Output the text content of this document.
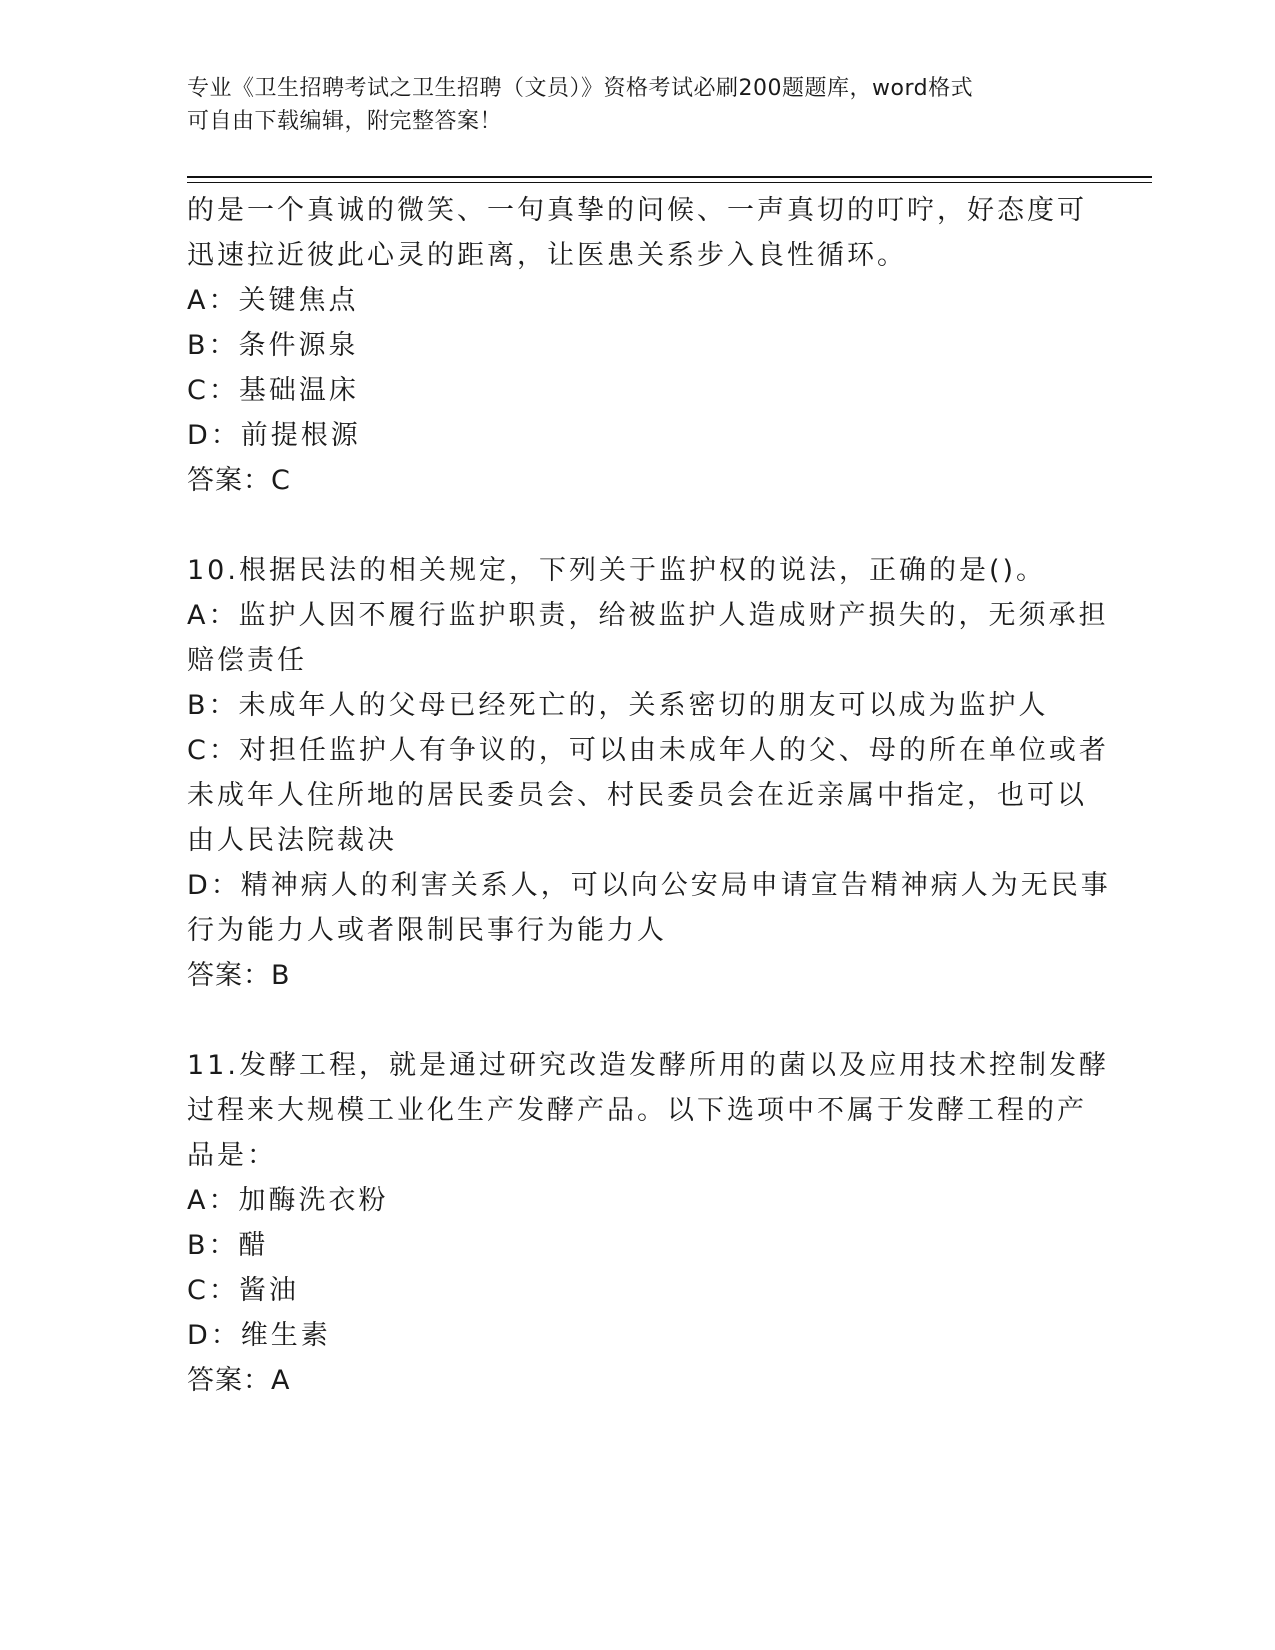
专业《卫生招聘考试之卫生招聘（文员）》资格考试必刷200题题库，word格式

可自由下载编辑，附完整答案！

的是一个真诚的微笑、一句真挚的问候、一声真切的叮咛，好态度可

迅速拉近彼此心灵的距离，让医患关系步入良性循环。

A：关键焦点

B：条件源泉

C：基础温床

D：前提根源

答案：C

10.根据民法的相关规定，下列关于监护权的说法，正确的是()。

A：监护人因不履行监护职责，给被监护人造成财产损失的，无须承担

赔偿责任

B：未成年人的父母已经死亡的，关系密切的朋友可以成为监护人

C：对担任监护人有争议的，可以由未成年人的父、母的所在单位或者

未成年人住所地的居民委员会、村民委员会在近亲属中指定，也可以

由人民法院裁决

D：精神病人的利害关系人，可以向公安局申请宣告精神病人为无民事

行为能力人或者限制民事行为能力人

答案：B

11.发酵工程，就是通过研究改造发酵所用的菌以及应用技术控制发酵

过程来大规模工业化生产发酵产品。以下选项中不属于发酵工程的产

品是：

A：加酶洗衣粉

B：醋

C：酱油

D：维生素

答案：A
